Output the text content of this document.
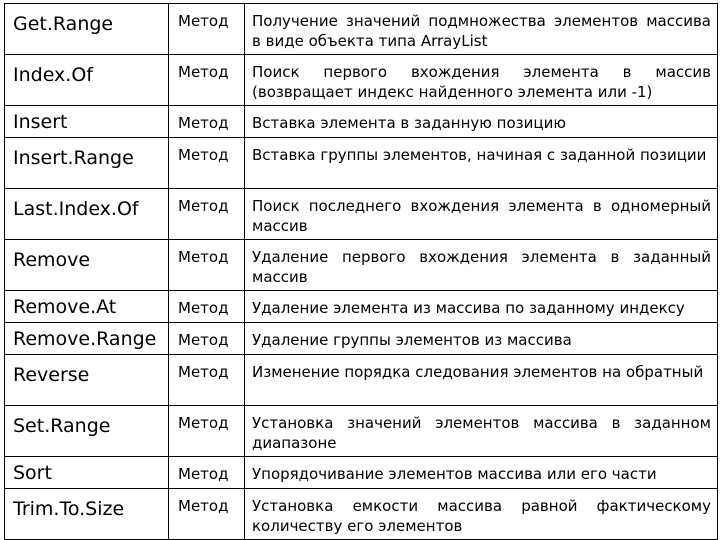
Get.Range	Метод	Получение значений подмножества элементов массива в виде объекта типа ArrayList
Index.Of	Метод	Поиск первого вхождения элемента в массив (возвращает индекс найденного элемента или -1)
Insert	Метод	Вставка элемента в заданную позицию
Insert.Range	Метод	Вставка группы элементов, начиная с заданной позиции
Last.Index.Of	Метод	Поиск последнего вхождения элемента в одномерный массив
Remove	Метод	Удаление первого вхождения элемента в заданный массив
Remove.At	Метод	Удаление элемента из массива по заданному индексу
Remove.Range	Метод	Удаление группы элементов из массива
Reverse	Метод	Изменение порядка следования элементов на обратный
Set.Range	Метод	Установка значений элементов массива в заданном диапазоне
Sort	Метод	Упорядочивание элементов массива или его части
Trim.To.Size	Метод	Установка емкости массива равной фактическому количеству его элементов
